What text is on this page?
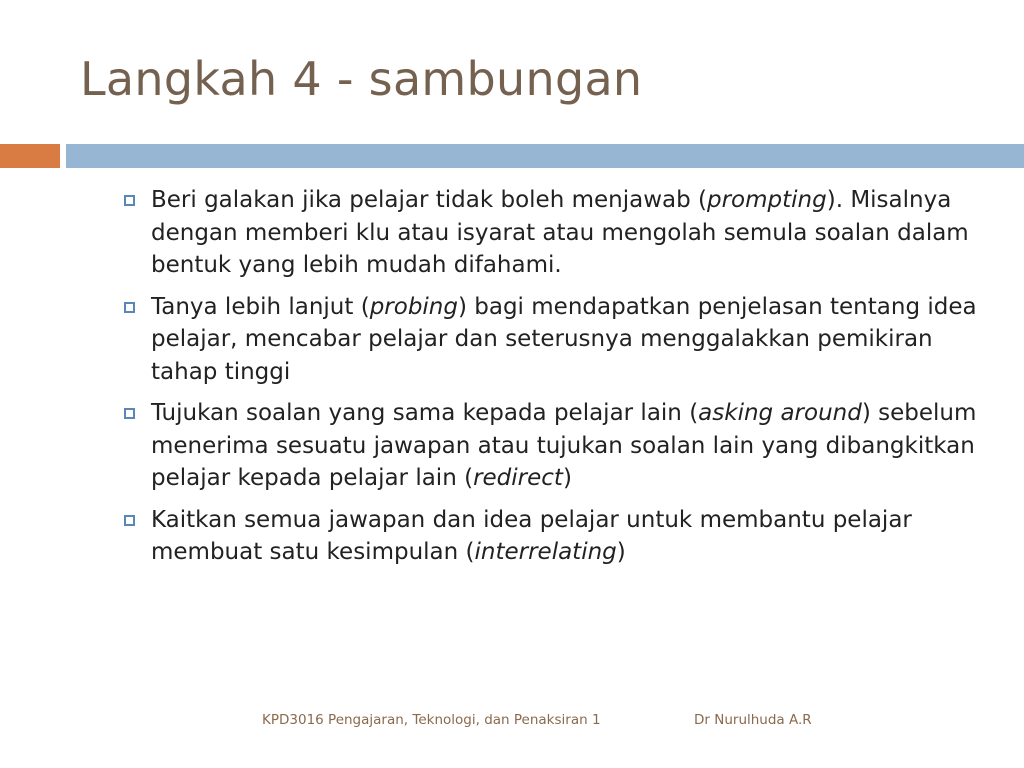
Langkah 4 - sambungan
Beri galakan jika pelajar tidak boleh menjawab (prompting). Misalnya dengan memberi klu atau isyarat atau mengolah semula soalan dalam bentuk yang lebih mudah difahami.
Tanya lebih lanjut (probing) bagi mendapatkan penjelasan tentang idea pelajar, mencabar pelajar dan seterusnya menggalakkan pemikiran tahap tinggi
Tujukan soalan yang sama kepada pelajar lain (asking around) sebelum menerima sesuatu jawapan atau tujukan soalan lain yang dibangkitkan pelajar kepada pelajar lain (redirect)
Kaitkan semua jawapan dan idea pelajar untuk membantu pelajar membuat satu kesimpulan (interrelating)
KPD3016 Pengajaran, Teknologi, dan Penaksiran 1	Dr Nurulhuda A.R
